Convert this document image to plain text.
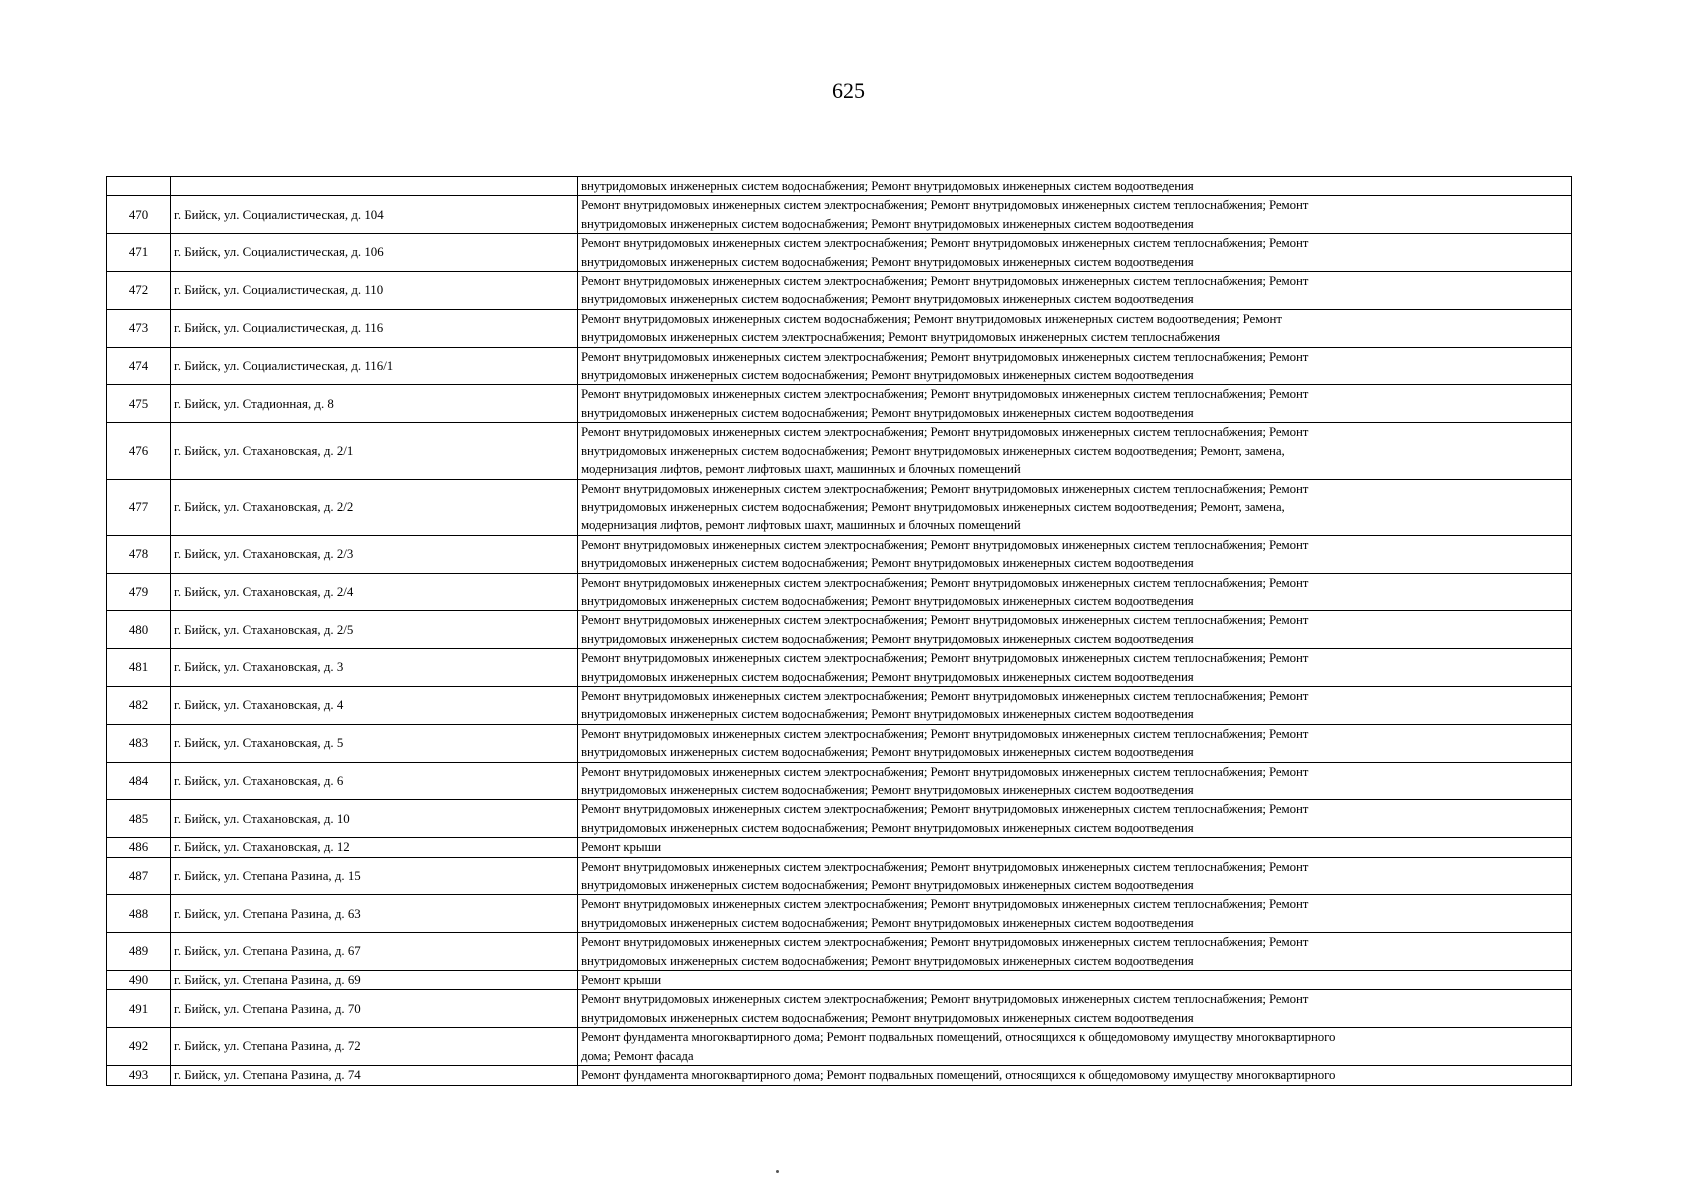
625
		внутридомовых инженерных систем водоснабжения; Ремонт внутридомовых инженерных систем водоотведения
470	г. Бийск, ул. Социалистическая, д. 104	Ремонт внутридомовых инженерных систем электроснабжения; Ремонт внутридомовых инженерных систем теплоснабжения; Ремонт
внутридомовых инженерных систем водоснабжения; Ремонт внутридомовых инженерных систем водоотведения
471	г. Бийск, ул. Социалистическая, д. 106	Ремонт внутридомовых инженерных систем электроснабжения; Ремонт внутридомовых инженерных систем теплоснабжения; Ремонт
внутридомовых инженерных систем водоснабжения; Ремонт внутридомовых инженерных систем водоотведения
472	г. Бийск, ул. Социалистическая, д. 110	Ремонт внутридомовых инженерных систем электроснабжения; Ремонт внутридомовых инженерных систем теплоснабжения; Ремонт
внутридомовых инженерных систем водоснабжения; Ремонт внутридомовых инженерных систем водоотведения
473	г. Бийск, ул. Социалистическая, д. 116	Ремонт внутридомовых инженерных систем водоснабжения; Ремонт внутридомовых инженерных систем водоотведения; Ремонт
внутридомовых инженерных систем электроснабжения; Ремонт внутридомовых инженерных систем теплоснабжения
474	г. Бийск, ул. Социалистическая, д. 116/1	Ремонт внутридомовых инженерных систем электроснабжения; Ремонт внутридомовых инженерных систем теплоснабжения; Ремонт
внутридомовых инженерных систем водоснабжения; Ремонт внутридомовых инженерных систем водоотведения
475	г. Бийск, ул. Стадионная, д. 8	Ремонт внутридомовых инженерных систем электроснабжения; Ремонт внутридомовых инженерных систем теплоснабжения; Ремонт
внутридомовых инженерных систем водоснабжения; Ремонт внутридомовых инженерных систем водоотведения
476	г. Бийск, ул. Стахановская, д. 2/1	Ремонт внутридомовых инженерных систем электроснабжения; Ремонт внутридомовых инженерных систем теплоснабжения; Ремонт
внутридомовых инженерных систем водоснабжения; Ремонт внутридомовых инженерных систем водоотведения; Ремонт, замена,
модернизация лифтов, ремонт лифтовых шахт, машинных и блочных помещений
477	г. Бийск, ул. Стахановская, д. 2/2	Ремонт внутридомовых инженерных систем электроснабжения; Ремонт внутридомовых инженерных систем теплоснабжения; Ремонт
внутридомовых инженерных систем водоснабжения; Ремонт внутридомовых инженерных систем водоотведения; Ремонт, замена,
модернизация лифтов, ремонт лифтовых шахт, машинных и блочных помещений
478	г. Бийск, ул. Стахановская, д. 2/3	Ремонт внутридомовых инженерных систем электроснабжения; Ремонт внутридомовых инженерных систем теплоснабжения; Ремонт
внутридомовых инженерных систем водоснабжения; Ремонт внутридомовых инженерных систем водоотведения
479	г. Бийск, ул. Стахановская, д. 2/4	Ремонт внутридомовых инженерных систем электроснабжения; Ремонт внутридомовых инженерных систем теплоснабжения; Ремонт
внутридомовых инженерных систем водоснабжения; Ремонт внутридомовых инженерных систем водоотведения
480	г. Бийск, ул. Стахановская, д. 2/5	Ремонт внутридомовых инженерных систем электроснабжения; Ремонт внутридомовых инженерных систем теплоснабжения; Ремонт
внутридомовых инженерных систем водоснабжения; Ремонт внутридомовых инженерных систем водоотведения
481	г. Бийск, ул. Стахановская, д. 3	Ремонт внутридомовых инженерных систем электроснабжения; Ремонт внутридомовых инженерных систем теплоснабжения; Ремонт
внутридомовых инженерных систем водоснабжения; Ремонт внутридомовых инженерных систем водоотведения
482	г. Бийск, ул. Стахановская, д. 4	Ремонт внутридомовых инженерных систем электроснабжения; Ремонт внутридомовых инженерных систем теплоснабжения; Ремонт
внутридомовых инженерных систем водоснабжения; Ремонт внутридомовых инженерных систем водоотведения
483	г. Бийск, ул. Стахановская, д. 5	Ремонт внутридомовых инженерных систем электроснабжения; Ремонт внутридомовых инженерных систем теплоснабжения; Ремонт
внутридомовых инженерных систем водоснабжения; Ремонт внутридомовых инженерных систем водоотведения
484	г. Бийск, ул. Стахановская, д. 6	Ремонт внутридомовых инженерных систем электроснабжения; Ремонт внутридомовых инженерных систем теплоснабжения; Ремонт
внутридомовых инженерных систем водоснабжения; Ремонт внутридомовых инженерных систем водоотведения
485	г. Бийск, ул. Стахановская, д. 10	Ремонт внутридомовых инженерных систем электроснабжения; Ремонт внутридомовых инженерных систем теплоснабжения; Ремонт
внутридомовых инженерных систем водоснабжения; Ремонт внутридомовых инженерных систем водоотведения
486	г. Бийск, ул. Стахановская, д. 12	Ремонт крыши
487	г. Бийск, ул. Степана Разина, д. 15	Ремонт внутридомовых инженерных систем электроснабжения; Ремонт внутридомовых инженерных систем теплоснабжения; Ремонт
внутридомовых инженерных систем водоснабжения; Ремонт внутридомовых инженерных систем водоотведения
488	г. Бийск, ул. Степана Разина, д. 63	Ремонт внутридомовых инженерных систем электроснабжения; Ремонт внутридомовых инженерных систем теплоснабжения; Ремонт
внутридомовых инженерных систем водоснабжения; Ремонт внутридомовых инженерных систем водоотведения
489	г. Бийск, ул. Степана Разина, д. 67	Ремонт внутридомовых инженерных систем электроснабжения; Ремонт внутридомовых инженерных систем теплоснабжения; Ремонт
внутридомовых инженерных систем водоснабжения; Ремонт внутридомовых инженерных систем водоотведения
490	г. Бийск, ул. Степана Разина, д. 69	Ремонт крыши
491	г. Бийск, ул. Степана Разина, д. 70	Ремонт внутридомовых инженерных систем электроснабжения; Ремонт внутридомовых инженерных систем теплоснабжения; Ремонт
внутридомовых инженерных систем водоснабжения; Ремонт внутридомовых инженерных систем водоотведения
492	г. Бийск, ул. Степана Разина, д. 72	Ремонт фундамента многоквартирного дома; Ремонт подвальных помещений, относящихся к общедомовому имуществу многоквартирного
дома; Ремонт фасада
493	г. Бийск, ул. Степана Разина, д. 74	Ремонт фундамента многоквартирного дома; Ремонт подвальных помещений, относящихся к общедомовому имуществу многоквартирного
